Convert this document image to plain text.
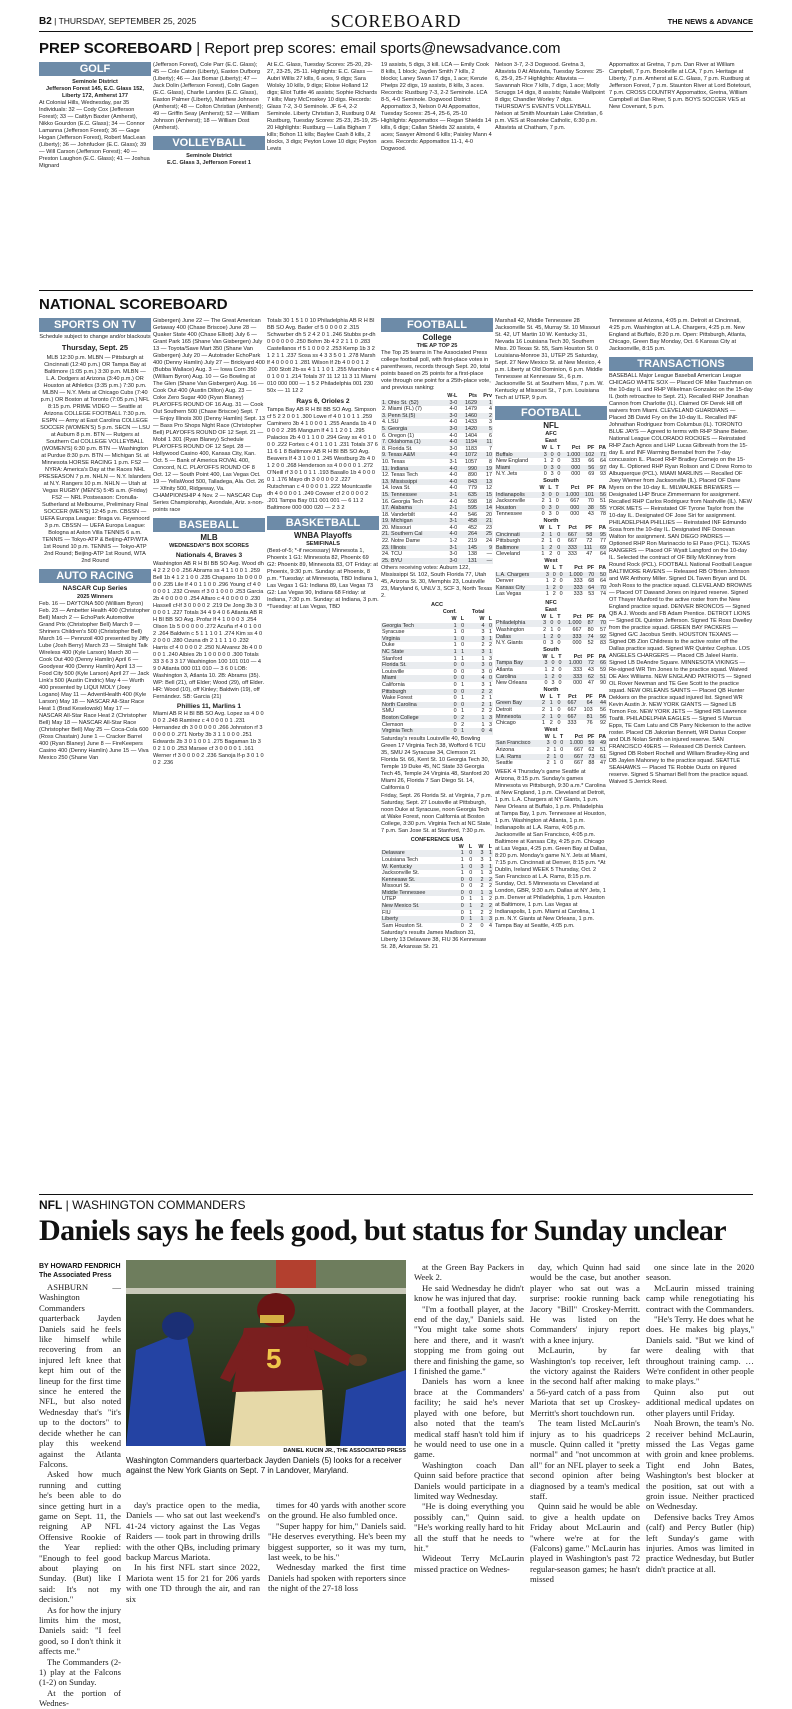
B2 | THURSDAY, SEPTEMBER 25, 2025	SCOREBOARD	THE NEWS & ADVANCE
PREP SCOREBOARD | Report prep scores: email sports@newsadvance.com
GOLF
Seminole District
Jefferson Forest 145, E.C. Glass 152, Liberty 172, Amherst 177

At Colonial Hills, Wednesday, par 35 Individuals: 32 — Cody Cox (Jefferson Forest); 33 — Caitlyn Baxter (Amherst), Nikko Gourdon (E.C. Glass); 34 — Connor Lamanna (Jefferson Forest); 36 — Gage Hogan (Jefferson Forest), Robert MacLean (Liberty); 36 — Johnfucker (E.C. Glass); 39 — Will Carson (Jefferson Forest); 40 — Preston Laughon (E.C. Glass); 41 — Joshua Mignard

(Jefferson Forest), Cole Parr (E.C. Glass); 45 — Cole Caton (Liberty), Easton Dufborg (Liberty); 46 — Jax Bomar (Liberty); 47 — Jack Dolin (Jefferson Forest), Colin Gagen (E.C. Glass), Charlie Landes (E.C. Glass), Easton Palmer (Liberty), Matthew Johnson (Amherst); 48 — Colton Christian (Amherst); 49 — Griffin Seay (Amherst); 52 — William Johnson (Amherst); 18 — William Dost (Amherst).

VOLLEYBALL
Seminole District
E.C. Glass 3, Jefferson Forest 1

At E.C. Glass, Tuesday Scores: 25-20, 29-27, 23-25, 25-11. Highlights: E.C. Glass — Aubri Willis 27 kills, 6 aces, 9 digs; Sara Wolsky 10 kills, 9 digs; Eloise Holland 12 digs; Eliot Tuttle 46 assists; Sophie Richards 7 kills; Mary McCroskey 10 digs. Records: Glass 7-2, 3-0 Seminole. JF 6-4, 2-2 Seminole. Liberty Christian 3, Rustburg 0 At Rustburg, Tuesday Scores: 25-23, 25-19, 25-20 Highlights: Rustburg — Laila Bigham 7 kills; Bohon 11 kills; Baylee Cash 8 kills, 2 blocks, 3 digs; Peyton Lowe 10 digs; Peyton Lewis

19 assists, 5 digs, 3 kill. LCA — Emily Cook 8 kills, 1 block; Jayden Smith 7 kills, 2 blocks; Laney Swan 17 digs, 1 ace; Kenzie Phelps 22 digs, 19 assists, 8 kills, 3 aces. Records: Rustburg 7-3, 2-2 Seminole. LCA 8-5, 4-0 Seminole. Dogwood District Appomattox 3, Nelson 0 At Appomattox, Tuesday Scores: 25-4, 25-6, 25-10 Highlights: Appomattox — Regan Shields 14 kills, 6 digs; Callan Shields 32 assists, 4 aces; Sawyer Almond 6 kills; Paisley Mann 4 aces. Records: Appomattox 11-1, 4-0 Dogwood.

Nelson 3-7, 2-3 Dogwood. Gretna 3, Altavista 0 At Altavista, Tuesday Scores: 25-6, 25-9, 25-7 Highlights: Altavista — Savannah Rice 7 kills, 7 digs, 1 ace; Molly Scruggs 14 digs, 8 assists; Natalie Wallpoint 8 digs; Chandler Worley 7 digs. THURSDAY'S EVENTS VOLLEYBALL Nelson at Smith Mountain Lake Christian, 6 p.m. VES at Roanoke Catholic, 6:30 p.m. Altavista at Chatham, 7 p.m.

Appomattox at Gretna, 7 p.m. Dan River at William Campbell, 7 p.m. Brookville at LCA, 7 p.m. Heritage at Liberty, 7 p.m. Amherst at E.C. Glass, 7 p.m. Rustburg at Jefferson Forest, 7 p.m. Staunton River at Lord Botetourt, 7 p.m. CROSS COUNTRY Appomattox, Gretna, William Campbell at Dan River, 5 p.m. BOYS SOCCER VES at New Covenant, 5 p.m.

NATIONAL SCOREBOARD
SPORTS ON TV
Schedule subject to change and/or blackouts
Thursday, Sept. 25

MLB 12:30 p.m. MLBN — Pittsburgh at Cincinnati (12:40 p.m.) OR Tampa Bay at Baltimore (1:05 p.m.) 3:30 p.m. MLBN — L.A. Dodgers at Arizona (3:40 p.m.) OR Houston at Athletics (3:35 p.m.) 7:30 p.m. MLBN — N.Y. Mets at Chicago Cubs (7:40 p.m.) OR Boston at Toronto (7:05 p.m.) NFL 8:15 p.m. PRIME VIDEO — Seattle at Arizona COLLEGE FOOTBALL 7:30 p.m. ESPN — Army at East Carolina COLLEGE SOCCER (WOMEN'S) 5 p.m. SECN — LSU at Auburn 8 p.m. BTN — Rutgers at Southern Cal COLLEGE VOLLEYBALL (WOMEN'S) 6:30 p.m. BTN — Washington at Purdue 8:30 p.m. BTN — Michigan St. at Minnesota HORSE RACING 1 p.m. FS2 — NYRA: America's Day at the Races NHL PRESEASON 7 p.m. NHLN — N.Y. Islanders at N.Y. Rangers 10 p.m. NHLN — Utah at Vegas RUGBY (MEN'S) 5:45 a.m. (Friday) FS2 — NRL Postseason: Cronulla-Sutherland at Melbourne, Preliminary Final SOCCER (MEN'S) 12:45 p.m. CBSSN — UEFA Europa League: Braga vs. Feyenoord 3 p.m. CBSSN — UEFA Europa League: Bologna at Aston Villa TENNIS 6 a.m. TENNIS — Tokyo-ATP & Beijing-ATP/WTA 1st Round 10 p.m. TENNIS — Tokyo-ATP 2nd Round; Beijing-ATP 1st Round, WTA 2nd Round

AUTO RACING
NASCAR Cup Series
2025 Winners

Feb. 16 — DAYTONA 500 (William Byron) Feb. 23 — Ambetter Health 400 (Christopher Bell) March 2 — EchoPark Automotive Grand Prix (Christopher Bell) March 9 — Shriners Children's 500 (Christopher Bell) March 16 — Pennzoil 400 presented by Jiffy Lube (Josh Berry) March 23 — Straight Talk Wireless 400 (Kyle Larson) March 30 — Cook Out 400 (Denny Hamlin) April 6 — Goodyear 400 (Denny Hamlin) April 13 — Food City 500 (Kyle Larson) April 27 — Jack Link's 500 (Austin Cindric) May 4 — Wurth 400 presented by LIQUI MOLY (Joey Logano) May 11 — AdventHealth 400 (Kyle Larson) May 18 — NASCAR All-Star Race Heat 1 (Brad Keselowski) May 17 — NASCAR All-Star Race Heat 2 (Christopher Bell) May 18 — NASCAR All-Star Race (Christopher Bell) May 25 — Coca-Cola 600 (Ross Chastain) June 1 — Cracker Barrel 400 (Ryan Blaney) June 8 — FireKeepers Casino 400 (Denny Hamlin) June 15 — Viva Mexico 250 (Shane Van

Gisbergen) June 22 — The Great American Getaway 400 (Chase Briscoe) June 28 — Quaker State 400 (Chase Elliott) July 6 — Grant Park 165 (Shane Van Gisbergen) July 13 — Toyota/Save Mart 350 (Shane Van Gisbergen) July 20 — Autotrader EchoPark 400 (Denny Hamlin) July 27 — Brickyard 400 (Bubba Wallace) Aug. 3 — Iowa Corn 350 (William Byron) Aug. 10 — Go Bowling at The Glen (Shane Van Gisbergen) Aug. 16 — Cook Out 400 (Austin Dillon) Aug. 23 — Coke Zero Sugar 400 (Ryan Blaney) PLAYOFFS ROUND OF 16 Aug. 31 — Cook Out Southern 500 (Chase Briscoe) Sept. 7 — Enjoy Illinois 300 (Denny Hamlin) Sept. 13 — Bass Pro Shops Night Race (Christopher Bell) PLAYOFFS ROUND OF 12 Sept. 21 — Mobil 1 301 (Ryan Blaney) Schedule PLAYOFFS ROUND OF 12 Sept. 28 — Hollywood Casino 400, Kansas City, Kan. Oct. 5 — Bank of America ROVAL 400, Concord, N.C. PLAYOFFS ROUND OF 8 Oct. 12 — South Point 400, Las Vegas Oct. 19 — YellaWood 500, Talladega, Ala. Oct. 26 — Xfinity 500, Ridgeway, Va. CHAMPIONSHIP 4 Nov. 2 — NASCAR Cup Series Championship, Avondale, Ariz. x-non-points race

BASEBALL
MLB
WEDNESDAY'S BOX SCORES
Nationals 4, Braves 3

Washington AB R H BI BB SO Avg. Wood dh 4 2 2 2 0 0 .256 Abrams ss 4 1 1 0 0 1 .259 Bell 1b 4 1 2 1 0 0 .235 Chaparro 1b 0 0 0 0 0 0 .235 Lile lf 4 0 1 1 0 0 .296 Young cf 4 0 0 0 0 1 .232 Crews rf 3 0 1 0 0 0 .253 Garcia 2b 4 0 0 0 0 0 .254 Alfaro c 4 0 0 0 0 0 .230 Hassell cf-lf 3 0 0 0 0 2 .219 De Jong 3b 3 0 0 0 0 1 .227 Totals 34 4 9 4 0 6 Atlanta AB R H BI BB SO Avg. Profar lf 4 1 0 0 0 3 .254 Olson 1b 5 0 0 0 0 0 .272 Acuña rf 4 0 1 0 0 2 .264 Baldwin c 5 1 1 1 0 1 .274 Kim ss 4 0 2 0 0 0 .280 Ozuna dh 2 1 1 1 1 0 .232 Harris cf 4 0 0 0 0 2 .250 N.Alvarez 3b 4 0 0 0 0 1 .240 Albies 2b 1 0 0 0 0 0 .300 Totals 33 3 6 3 3 17 Washington 100 101 010 — 4 9 0 Atlanta 000 011 010 — 3 6 0 LOB: Washington 3, Atlanta 10. 2B: Abrams (35). WP: Bell (21), off Elder; Wood (29), off Elder. HR: Wood (10), off Kinley; Baldwin (19), off Fernández. SB: Garcia (21)

Phillies 11, Marlins 1

Miami AB R H BI BB SO Avg. Lopez ss 4 0 0 0 0 2 .248 Ramirez c 4 0 0 0 0 1 .231 Hernandez dh 3 0 0 0 0 0 .266 Johnston rf 3 0 0 0 0 0 .271 Norby 3b 3 1 1 0 0 0 .251 Edwards 2b 3 0 1 0 0 1 .275 Bagaman 1b 3 0 2 1 0 0 .253 Marsee cf 3 0 0 0 0 1 .161 Werner rf 3 0 0 0 0 2 .236 Sanoja lf-p 3 0 1 0 0 2 .236

Totals 30 1 5 1 0 10 Philadelphia AB R H BI BB SO Avg. Bader cf 5 0 0 0 0 2 .315 Schwarber dh 5 2 4 2 0 1 .246 Stubbs pr-dh 0 0 0 0 0 0 .250 Bohm 3b 4 2 2 1 1 0 .283 Castellanos rf 5 1 0 0 0 2 .253 Kemp 1b 3 2 1 2 1 1 .237 Sosa ss 4 3 3 5 0 1 .278 Marsh lf 4 0 0 0 0 1 .281 Wilson lf 2b 4 0 0 0 1 2 .200 Stott 2b-ss 4 1 1 1 0 1 .255 Marchán c 4 0 1 0 0 1 .214 Totals 37 11 12 11 3 11 Miami 010 000 000 — 1 5 2 Philadelphia 001 230 50x — 11 12 2

Rays 6, Orioles 2

Tampa Bay AB R H BI BB SO Avg. Simpson cf 5 2 2 0 0 1 .300 Lowe rf 4 0 1 0 1 1 .259 Caminero 3b 4 1 0 0 0 1 .255 Aranda 1b 4 0 0 0 0 2 .295 Mangum lf 4 1 1 2 0 1 .295 Palacios 2b 4 0 1 1 0 0 .294 Gray ss 4 0 1 0 0 0 .222 Fortes c 4 0 1 1 0 1 .231 Totals 37 6 11 6 1 8 Baltimore AB R H BI BB SO Avg. Beavers lf 4 3 1 0 0 1 .245 Westburg 2b 4 0 1 2 0 0 .268 Henderson ss 4 0 0 0 0 1 .272 O'Neill rf 3 0 1 0 1 1 .193 Basallo 1b 4 0 0 0 0 1 .176 Mayo dh 3 0 0 0 0 2 .227 Rutschman c 4 0 0 0 0 1 .222 Mountcastle dh 4 0 0 0 0 1 .249 Cowser cf 2 0 0 0 0 2 .201 Tampa Bay 011 001 001 — 6 11 2 Baltimore 000 000 020 — 2 3 2

BASKETBALL
WNBA Playoffs
SEMIFINALS

(Best-of-5; *-if necessary) Minnesota 1, Phoenix 1 G1: Minnesota 82, Phoenix 69 G2: Phoenix 89, Minnesota 83, OT Friday: at Phoenix, 9:30 p.m. Sunday: at Phoenix, 8 p.m. *Tuesday: at Minnesota, TBD Indiana 1, Las Vegas 1 G1: Indiana 89, Las Vegas 73 G2: Las Vegas 90, Indiana 68 Friday: at Indiana, 7:30 p.m. Sunday: at Indiana, 3 p.m. *Tuesday: at Las Vegas, TBD

FOOTBALL
College
THE AP TOP 25

The Top 25 teams in The Associated Press college football poll, with first-place votes in parentheses, records through Sept. 20, total points based on 25 points for a first-place vote through one point for a 25th-place vote, and previous ranking:

	W-L	Pts	Prv
1. Ohio St. (52)	3-0	1629	1
2. Miami (FL) (7)	4-0	1479	4
3. Penn St.(5)	3-0	1460	2
4. LSU	4-0	1433	3
5. Georgia	3-0	1420	5
6. Oregon (1)	4-0	1404	6
7. Oklahoma (1)	4-0	1194	11
8. Florida St.	3-0	1183	7
9. Texas A&M	4-0	1072	10
10. Texas	3-1	1057	8
11. Indiana	4-0	990	19
12. Texas Tech	4-0	890	17
13. Mississippi	4-0	843	13
14. Iowa St.	4-0	779	12
15. Tennessee	3-1	635	15
16. Georgia Tech	4-0	598	18
17. Alabama	2-1	595	14
18. Vanderbilt	4-0	546	20
19. Michigan	3-1	458	21
20. Missouri	4-0	452	23
21. Southern Cal	4-0	264	25
22. Notre Dame	1-2	219	24
23. Illinois	3-1	145	9
24. TCU	3-0	138	—
25. BYU	3-0	131	—

Others receiving votes: Auburn 122, Mississippi St. 102, South Florida 77, Utah 45, Arizona St. 30, Memphis 23, Louisville 23, Maryland 6, UNLV 3, SCF 3, North Texas 2.

ACC
	Conf.		Total	
	W	L	W	L
Georgia Tech	1	0	4	0
Syracuse	1	0	3	1
Virginia	1	0	3	1
Duke	1	0	2	2
NC State	1	1	3	1
Stanford	1	1	1	3
Florida St.	0	0	3	0
Louisville	0	0	3	0
Miami	0	0	4	0
California	0	1	3	1
Pittsburgh	0	0	2	2
Wake Forest	0	1	2	1
North Carolina	0	0	2	1
SMU	0	1	2	2
Boston College	0	2	1	3
Clemson	0	2	1	3
Virginia Tech	0	1	0	4

Saturday's results Louisville 40, Bowling Green 17 Virginia Tech 38, Wofford 6 TCU 35, SMU 24 Syracuse 34, Clemson 21 Florida St. 66, Kent St. 10 Georgia Tech 30, Temple 19 Duke 45, NC State 33 Georgia Tech 45, Temple 24 Virginia 48, Stanford 20 Miami 26, Florida 7 San Diego St. 14, California 0

Friday, Sept. 26 Florida St. at Virginia, 7 p.m. Saturday, Sept. 27 Louisville at Pittsburgh, noon Duke at Syracuse, noon Georgia Tech at Wake Forest, noon California at Boston College, 3:30 p.m. Virginia Tech at NC State, 7 p.m. San Jose St. at Stanford, 7:30 p.m.

CONFERENCE USA
	W	L	W	L
Delaware	1	0	3	1
Louisiana Tech	1	0	3	1
W. Kentucky	1	0	3	1
Jacksonville St.	1	0	1	3
Kennesaw St.	0	0	2	2
Missouri St.	0	0	2	2
Middle Tennessee	0	0	1	3
UTEP	0	1	1	2
New Mexico St.	0	1	2	2
FIU	0	1	2	2
Liberty	0	1	1	3
Sam Houston St.	0	2	0	4

Saturday's results James Madison 31, Liberty 13 Delaware 38, FIU 36 Kennesaw St. 28, Arkansas St. 21

Marshall 42, Middle Tennessee 28 Jacksonville St. 45, Murray St. 10 Missouri St. 42, UT Martin 10 W. Kentucky 31, Nevada 16 Louisiana Tech 30, Southern Miss. 20 Texas St. 55, Sam Houston St. 0 Louisiana-Monroe 31, UTEP 25 Saturday, Sept. 27 New Mexico St. at New Mexico, 4 p.m. Liberty at Old Dominion, 6 p.m. Middle Tennessee at Kennesaw St., 6 p.m. Jacksonville St. at Southern Miss, 7 p.m. W. Kentucky at Missouri St., 7 p.m. Louisiana Tech at UTEP, 9 p.m.

FOOTBALL
NFL
AFC
East
	W	L	T	Pct	PF	PA
Buffalo	3	0	0	1.000	102	71
New England	1	2	0	333	66	64
Miami	0	3	0	000	56	97
N.Y. Jets	0	3	0	000	69	93
South
	W	L	T	Pct	PF	PA
Indianapolis	3	0	0	1.000	101	56
Jacksonville	2	1	0	667	70	51
Houston	0	3	0	000	38	55
Tennessee	0	3	0	000	43	78
North
	W	L	T	Pct	PF	PA
Cincinnati	2	1	0	667	58	95
Pittsburgh	2	1	0	667	72	77
Baltimore	1	2	0	333	111	69
Cleveland	1	2	0	333	47	64
West
	W	L	T	Pct	PF	PA
L.A. Chargers	3	0	0	1.000	70	50
Denver	1	2	0	333	68	64
Kansas City	1	2	0	333	64	70
Las Vegas	1	2	0	333	53	74
NFC
East
	W	L	T	Pct	PF	PA
Philadelphia	3	0	0	1.000	87	70
Washington	2	1	0	667	80	57
Dallas	1	2	0	333	74	92
N.Y. Giants	0	3	0	000	52	83
South
	W	L	T	Pct	PF	PA
Tampa Bay	3	0	0	1.000	72	66
Atlanta	1	2	0	333	43	59
Carolina	1	2	0	333	62	51
New Orleans	0	3	0	000	47	90
North
	W	L	T	Pct	PF	PA
Green Bay	2	1	0	667	64	44
Detroit	2	1	0	667	103	56
Minnesota	2	1	0	667	81	56
Chicago	1	2	0	333	76	92
West
	W	L	T	Pct	PF	PA
San Francisco	3	0	0	1.000	59	49
Arizona	2	1	0	667	62	51
L.A. Rams	2	1	0	667	73	61
Seattle	2	1	0	667	88	47

WEEK 4 Thursday's game Seattle at Arizona, 8:15 p.m. Sunday's games Minnesota vs Pittsburgh, 9:30 a.m.* Carolina at New England, 1 p.m. Cleveland at Detroit, 1 p.m. L.A. Chargers at NY Giants, 1 p.m. New Orleans at Buffalo, 1 p.m. Philadelphia at Tampa Bay, 1 p.m. Tennessee at Houston, 1 p.m. Washington at Atlanta, 1 p.m. Indianapolis at L.A. Rams, 4:05 p.m. Jacksonville at San Francisco, 4:05 p.m. Baltimore at Kansas City, 4:25 p.m. Chicago at Las Vegas, 4:25 p.m. Green Bay at Dallas, 8:20 p.m. Monday's game N.Y. Jets at Miami, 7:15 p.m. Cincinnati at Denver, 8:15 p.m. *At Dublin, Ireland WEEK 5 Thursday, Oct. 2 San Francisco at L.A. Rams, 8:15 p.m. Sunday, Oct. 5 Minnesota vs Cleveland at London, GBR, 9:30 a.m. Dallas at NY Jets, 1 p.m. Denver at Philadelphia, 1 p.m. Houston at Baltimore, 1 p.m. Las Vegas at Indianapolis, 1 p.m. Miami at Carolina, 1 p.m. N.Y. Giants at New Orleans, 1 p.m. Tampa Bay at Seattle, 4:05 p.m.

Tennessee at Arizona, 4:05 p.m. Detroit at Cincinnati, 4:25 p.m. Washington at L.A. Chargers, 4:25 p.m. New England at Buffalo, 8:20 p.m. Open: Pittsburgh, Atlanta, Chicago, Green Bay Monday, Oct. 6 Kansas City at Jacksonville, 8:15 p.m.

TRANSACTIONS

BASEBALL Major League Baseball American League CHICAGO WHITE SOX — Placed OF Mike Tauchman on the 10-day IL and RHP Wikelman Gonzalez on the 15-day IL (both retroactive to Sept. 21). Recalled RHP Jonathan Cannon from Charlotte (IL). Claimed OF Derek Hill off waivers from Miami. CLEVELAND GUARDIANS — Placed 3B David Fry on the 10-day IL. Recalled INF Johnathan Rodriguez from Columbus (IL). TORONTO BLUE JAYS — Agreed to terms with RHP Shane Bieber. National League COLORADO ROCKIES — Reinstated RHP Zach Agnos and LHP Lucas Gilbreath from the 15-day IL and INF Warming Bernabel from the 7-day concussion IL. Placed RHP Bradley Cornejo on the 15-day IL. Optioned RHP Ryan Rolison and C Drew Romo to Albuquerque (PCL). MIAMI MARLINS — Recalled OF Joey Wiemer from Jacksonville (IL). Placed OF Dane Myers on the 10-day IL. MILWAUKEE BREWERS — Designated LHP Bruce Zimmermann for assignment. Recalled RHP Carlos Rodriguez from Nashville (IL). NEW YORK METS — Reinstated OF Tyrone Taylor from the 10-day IL. Designated OF Jose Siri for assignment. PHILADELPHIA PHILLIES — Reinstated INF Edmundo Sosa from the 10-day IL. Designated INF Donovan Walton for assignment. SAN DIEGO PADRES — Optioned RHP Ron Marinaccio to El Paso (PCL). TEXAS RANGERS — Placed OF Wyatt Langford on the 10-day IL. Selected the contract of OF Billy McKinney from Round Rock (PCL). FOOTBALL National Football League BALTIMORE RAVENS — Released RB O'Brien Johnson and WR Anthony Miller. Signed DL Taven Bryan and DL Josh Ross to the practice squad. CLEVELAND BROWNS — Placed OT Dawand Jones on injured reserve. Signed OT Thayer Munford to the active roster from the New England practice squad. DENVER BRONCOS — Signed QB A.J. Woods and FB Adam Prentice. DETROIT LIONS — Signed DL Quinton Jefferson. Signed TE Ross Dwelley from the practice squad. GREEN BAY PACKERS — Signed G/C Jacobus Smith. HOUSTON TEXANS — Signed DB Zion Childress to the active roster off the Dallas practice squad. Signed WR Quintez Cephus. LOS ANGELES CHARGERS — Placed CB Jaleel Harris. Signed LB DeAndre Square. MINNESOTA VIKINGS — Re-signed WR Tim Jones to the practice squad. Waived DE Alex Williams. NEW ENGLAND PATRIOTS — Signed OL Rover Newman and TE Gee Scott to the practice squad. NEW ORLEANS SAINTS — Placed QB Hunter Dekkers on the practice squad injured list. Signed WR Kevin Austin Jr. NEW YORK GIANTS — Signed LB Tomon Fox. NEW YORK JETS — Signed RB Lawrence Toafili. PHILADELPHIA EAGLES — Signed S Marcus Epps, TE Cam Latu and CB Parry Nickerson to the active roster. Placed CB Jakorian Bennett, WR Darius Cooper and DLB Nolan Smith on injured reserve. SAN FRANCISCO 49ERS — Released CB Derrick Canteen. Signed DB Robert Rochell and William Bradley-King and DB Jaylen Mahoney to the practice squad. SEATTLE SEAHAWKS — Placed TE Robbie Ouzts on injured reserve. Signed S Shamari Bell from the practice squad. Waived S Jerrick Reed.

NFL | WASHINGTON COMMANDERS
Daniels says he feels good, but status for Sunday unclear
BY HOWARD FENDRICH
The Associated Press

ASHBURN — Washington Commanders quarterback Jayden Daniels said he feels like himself while recovering from an injured left knee that kept him out of the lineup for the first time since he entered the NFL, but also noted Wednesday that's "it's up to the doctors" to decide whether he can play this weekend against the Atlanta Falcons.

Asked how much running and cutting he's been able to do since getting hurt in a game on Sept. 11, the reigning AP NFL Offensive Rookie of the Year replied: "Enough to feel good about playing on Sunday. (But) like I said: It's not my decision."

As for how the injury limits him the most, Daniels said: "I feel good, so I don't think it affects me."

The Commanders (2-1) play at the Falcons (1-2) on Sunday.

At the portion of Wednes-

5
DANIEL KUCIN JR., THE ASSOCIATED PRESS
Washington Commanders quarterback Jayden Daniels (5) looks for a receiver against the New York Giants on Sept. 7 in Landover, Maryland.

day's practice open to the media, Daniels — who sat out last weekend's 41-24 victory against the Las Vegas Raiders — took part in throwing drills with the other QBs, including primary backup Marcus Mariota.

In his first NFL start since 2022, Mariota went 15 for 21 for 206 yards with one TD through the air, and ran six

times for 40 yards with another score on the ground. He also fumbled once.

"Super happy for him," Daniels said. "He deserves everything. He's been my biggest supporter, so it was my turn, last week, to be his."

Wednesday marked the first time Daniels had spoken with reporters since the night of the 27-18 loss

at the Green Bay Packers in Week 2.

He said Wednesday he didn't know he was injured that day.

"I'm a football player, at the end of the day," Daniels said. "You might take some shots here and there, and it wasn't stopping me from going out there and finishing the game, so I finished the game."

Daniels has worn a knee brace at the Commanders' facility; he said he's never played with one before, but also noted that the team's medical staff hasn't told him if he would need to use one in a game.

Washington coach Dan Quinn said before practice that Daniels would participate in a limited way Wednesday.

"He is doing everything you possibly can," Quinn said. "He's working really hard to hit all the stuff that he needs to hit."

Wideout Terry McLaurin missed practice on Wednes-

day, which Quinn had said would be the case, but another player who sat out was a surprise: rookie running back Jacory "Bill" Croskey-Merritt. He was listed on the Commanders' injury report with a knee injury.

McLaurin, by far Washington's top receiver, left the victory against the Raiders in the second half after making a 56-yard catch of a pass from Mariota that set up Croskey-Merritt's short touchdown run.

The team listed McLaurin's injury as to his quadriceps muscle. Quinn called it "pretty normal" and "not uncommon at all" for an NFL player to seek a second opinion after being diagnosed by a team's medical staff.

Quinn said he would be able to give a health update on Friday about McLaurin and "where we're at for the (Falcons) game." McLaurin has played in Washington's past 72 regular-season games; he hasn't missed

one since late in the 2020 season.

McLaurin missed training camp while renegotiating his contract with the Commanders.

"He's Terry. He does what he does. He makes big plays," Daniels said. "But we kind of were dealing with that throughout training camp. … We're confident in other people to make plays."

Quinn also put out additional medical updates on other players until Friday.

Noah Brown, the team's No. 2 receiver behind McLaurin, missed the Las Vegas game with groin and knee problems. Tight end John Bates, Washington's best blocker at the position, sat out with a groin issue. Neither practiced on Wednesday.

Defensive backs Trey Amos (calf) and Percy Butler (hip) left Sunday's game with injuries. Amos was limited in practice Wednesday, but Butler didn't practice at all.
